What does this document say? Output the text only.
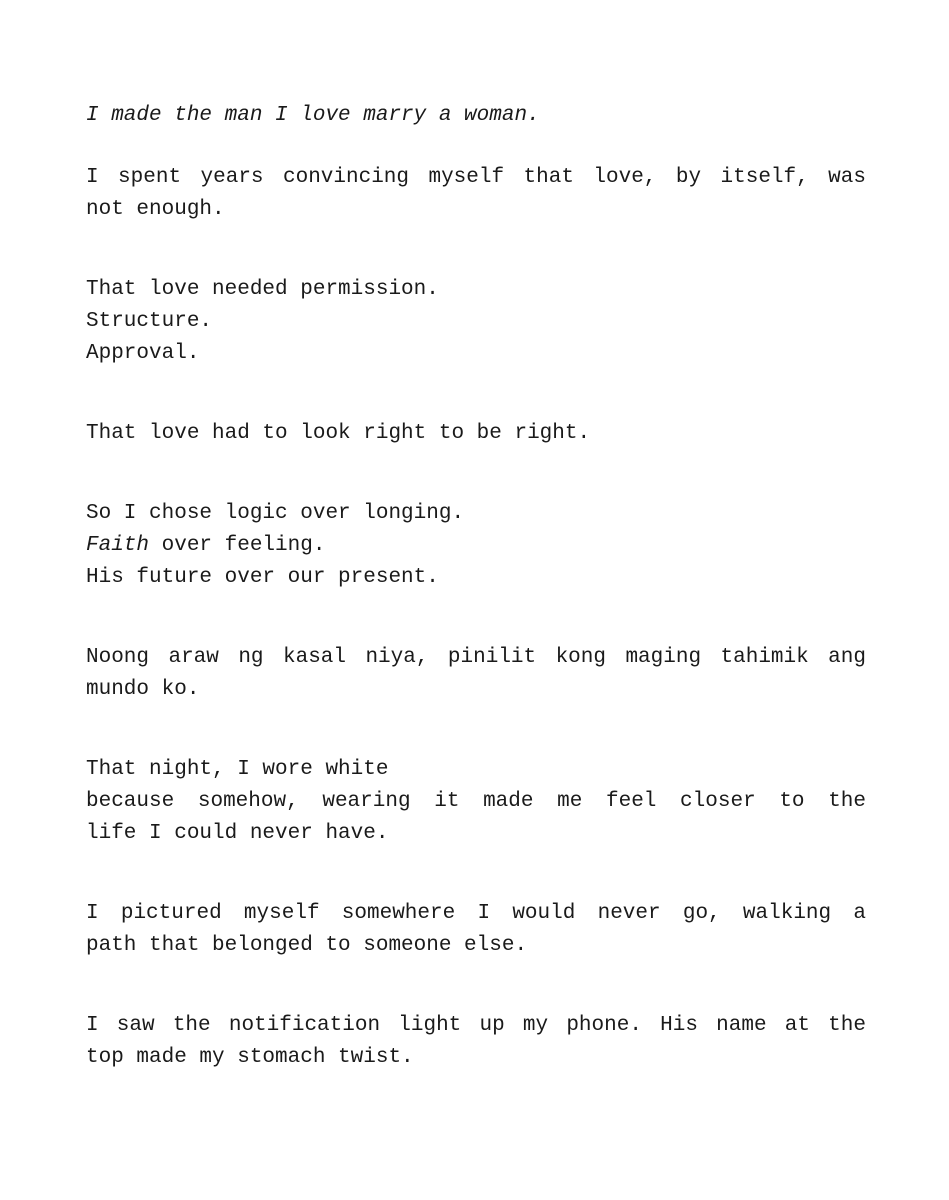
I made the man I love marry a woman.

I spent years convincing myself that love, by itself, was
not enough.

That love needed permission.
Structure.
Approval.

That love had to look right to be right.

So I chose logic over longing.
Faith over feeling.
His future over our present.

Noong araw ng kasal niya, pinilit kong maging tahimik ang
mundo ko.

That night, I wore white
because somehow, wearing it made me feel closer to the
life I could never have.

I pictured myself somewhere I would never go, walking a
path that belonged to someone else.

I saw the notification light up my phone. His name at the
top made my stomach twist.
